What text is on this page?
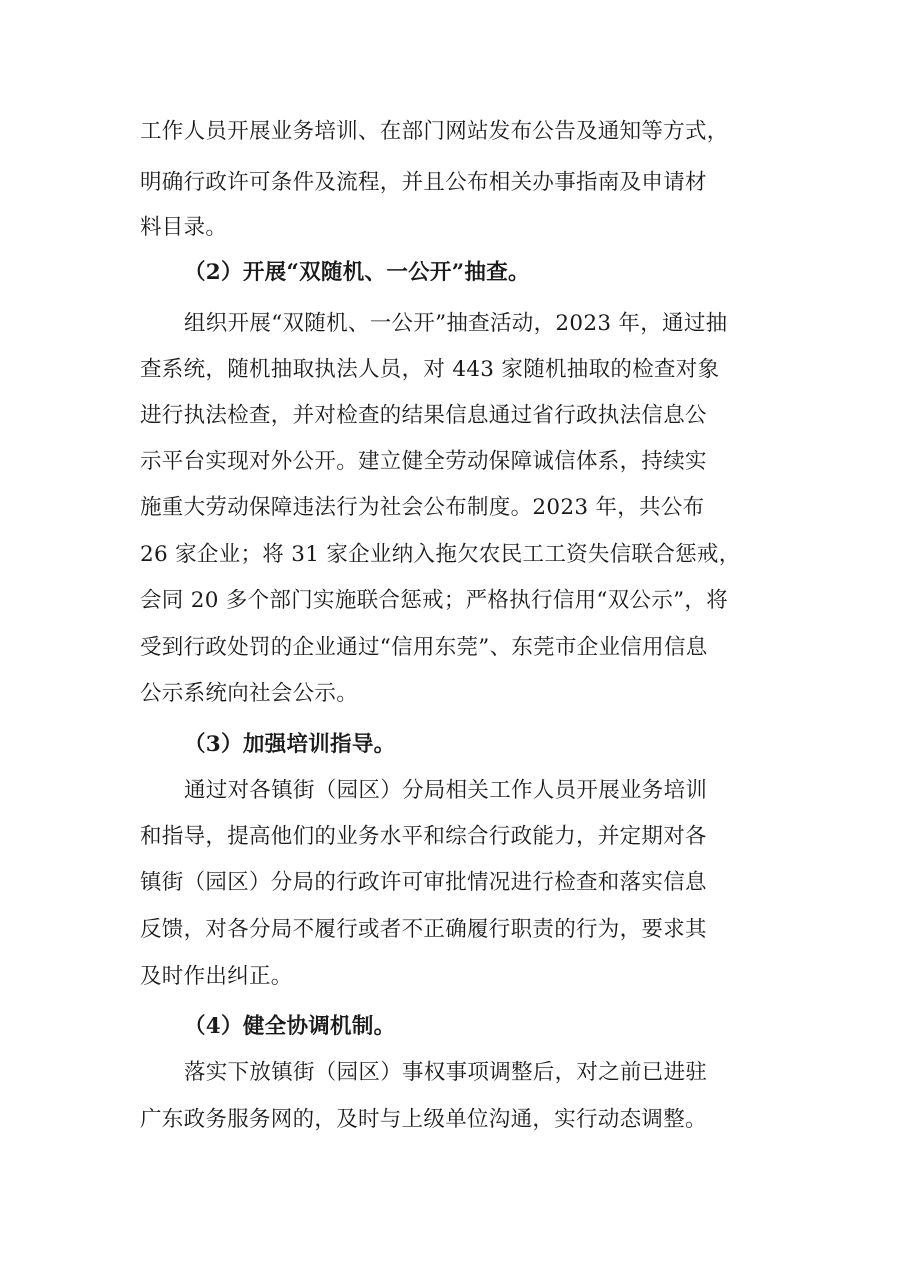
工作人员开展业务培训、在部门网站发布公告及通知等方式，
明确行政许可条件及流程，并且公布相关办事指南及申请材
料目录。
（2）开展“双随机、一公开”抽查。
组织开展“双随机、一公开”抽查活动，2023 年，通过抽
查系统，随机抽取执法人员，对 443 家随机抽取的检查对象
进行执法检查，并对检查的结果信息通过省行政执法信息公
示平台实现对外公开。建立健全劳动保障诚信体系，持续实
施重大劳动保障违法行为社会公布制度。2023 年，共公布
26 家企业；将 31 家企业纳入拖欠农民工工资失信联合惩戒，
会同 20 多个部门实施联合惩戒；严格执行信用“双公示”，将
受到行政处罚的企业通过“信用东莞”、东莞市企业信用信息
公示系统向社会公示。
（3）加强培训指导。
通过对各镇街（园区）分局相关工作人员开展业务培训
和指导，提高他们的业务水平和综合行政能力，并定期对各
镇街（园区）分局的行政许可审批情况进行检查和落实信息
反馈，对各分局不履行或者不正确履行职责的行为，要求其
及时作出纠正。
（4）健全协调机制。
落实下放镇街（园区）事权事项调整后，对之前已进驻
广东政务服务网的，及时与上级单位沟通，实行动态调整。
